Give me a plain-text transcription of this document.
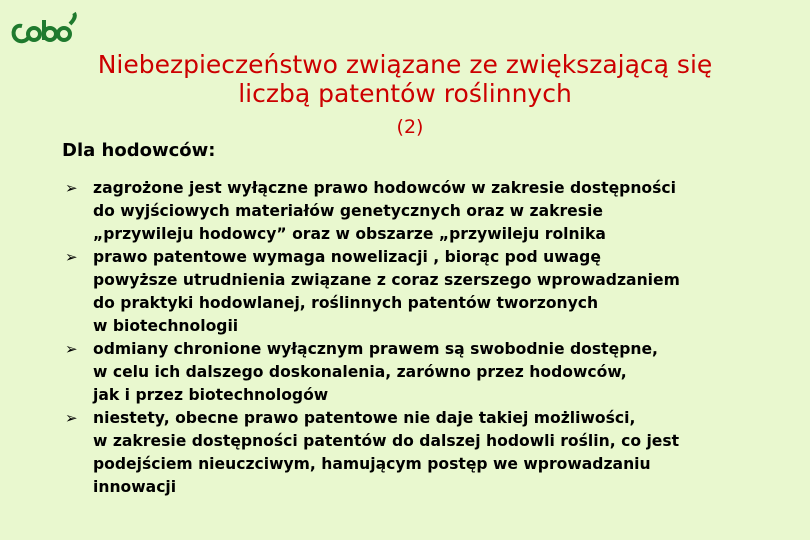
Niebezpieczeństwo związane ze zwiększającą się
liczbą patentów roślinnych
(2)
Dla hodowców:
➢ zagrożone jest wyłączne prawo hodowców w zakresie dostępności
do wyjściowych materiałów genetycznych oraz w zakresie
„przywileju hodowcy” oraz w obszarze „przywileju rolnika
➢ prawo patentowe wymaga nowelizacji , biorąc pod uwagę
powyższe utrudnienia związane z coraz szerszego wprowadzaniem
do praktyki hodowlanej, roślinnych patentów tworzonych
w biotechnologii
➢ odmiany chronione wyłącznym prawem są swobodnie dostępne,
w celu ich dalszego doskonalenia, zarówno przez hodowców,
jak i przez biotechnologów
➢ niestety, obecne prawo patentowe nie daje takiej możliwości,
w zakresie dostępności patentów do dalszej hodowli roślin, co jest
podejściem nieuczciwym, hamującym postęp we wprowadzaniu
innowacji
